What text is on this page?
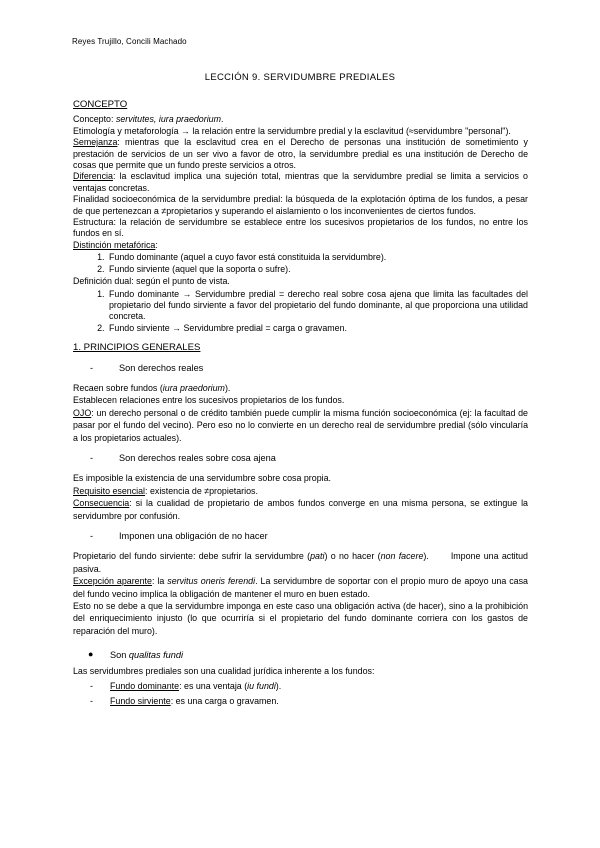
Reyes Trujillo, Concili Machado
LECCIÓN 9. SERVIDUMBRE PREDIALES

CONCEPTO

Concepto: servitutes, iura praedorium.

Etimología y metaforología → la relación entre la servidumbre predial y la esclavitud (≈servidumbre "personal").

Semejanza: mientras que la esclavitud crea en el Derecho de personas una institución de sometimiento y prestación de servicios de un ser vivo a favor de otro, la servidumbre predial es una institución de Derecho de cosas que permite que un fundo preste servicios a otros.

Diferencia: la esclavitud implica una sujeción total, mientras que la servidumbre predial se limita a servicios o ventajas concretas.

Finalidad socioeconómica de la servidumbre predial: la búsqueda de la explotación óptima de los fundos, a pesar de que pertenezcan a ≠propietarios y superando el aislamiento o los inconvenientes de ciertos fundos.

Estructura: la relación de servidumbre se establece entre los sucesivos propietarios de los fundos, no entre los fundos en sí.

Distinción metafórica:

1. Fundo dominante (aquel a cuyo favor está constituida la servidumbre).
2. Fundo sirviente (aquel que la soporta o sufre).

Definición dual: según el punto de vista.

1. Fundo dominante → Servidumbre predial = derecho real sobre cosa ajena que limita las facultades del propietario del fundo sirviente a favor del propietario del fundo dominante, al que proporciona una utilidad concreta.
2. Fundo sirviente → Servidumbre predial = carga o gravamen.

1. PRINCIPIOS GENERALES

-	Son derechos reales

Recaen sobre fundos (iura praedorium).

Establecen relaciones entre los sucesivos propietarios de los fundos.

OJO: un derecho personal o de crédito también puede cumplir la misma función socioeconómica (ej: la facultad de pasar por el fundo del vecino). Pero eso no lo convierte en un derecho real de servidumbre predial (sólo vincularía a los propietarios actuales).

-	Son derechos reales sobre cosa ajena

Es imposible la existencia de una servidumbre sobre cosa propia.

Requisito esencial: existencia de ≠propietarios.

Consecuencia: si la cualidad de propietario de ambos fundos converge en una misma persona, se extingue la servidumbre por confusión.

-	Imponen una obligación de no hacer

Propietario del fundo sirviente: debe sufrir la servidumbre (pati) o no hacer (non facere). Impone una actitud pasiva.

Excepción aparente: la servitus oneris ferendi. La servidumbre de soportar con el propio muro de apoyo una casa del fundo vecino implica la obligación de mantener el muro en buen estado.

Esto no se debe a que la servidumbre imponga en este caso una obligación activa (de hacer), sino a la prohibición del enriquecimiento injusto (lo que ocurriría si el propietario del fundo dominante corriera con los gastos de reparación del muro).

● Son qualitas fundi

Las servidumbres prediales son una cualidad jurídica inherente a los fundos:

- Fundo dominante: es una ventaja (iu fundi).
- Fundo sirviente: es una carga o gravamen.
